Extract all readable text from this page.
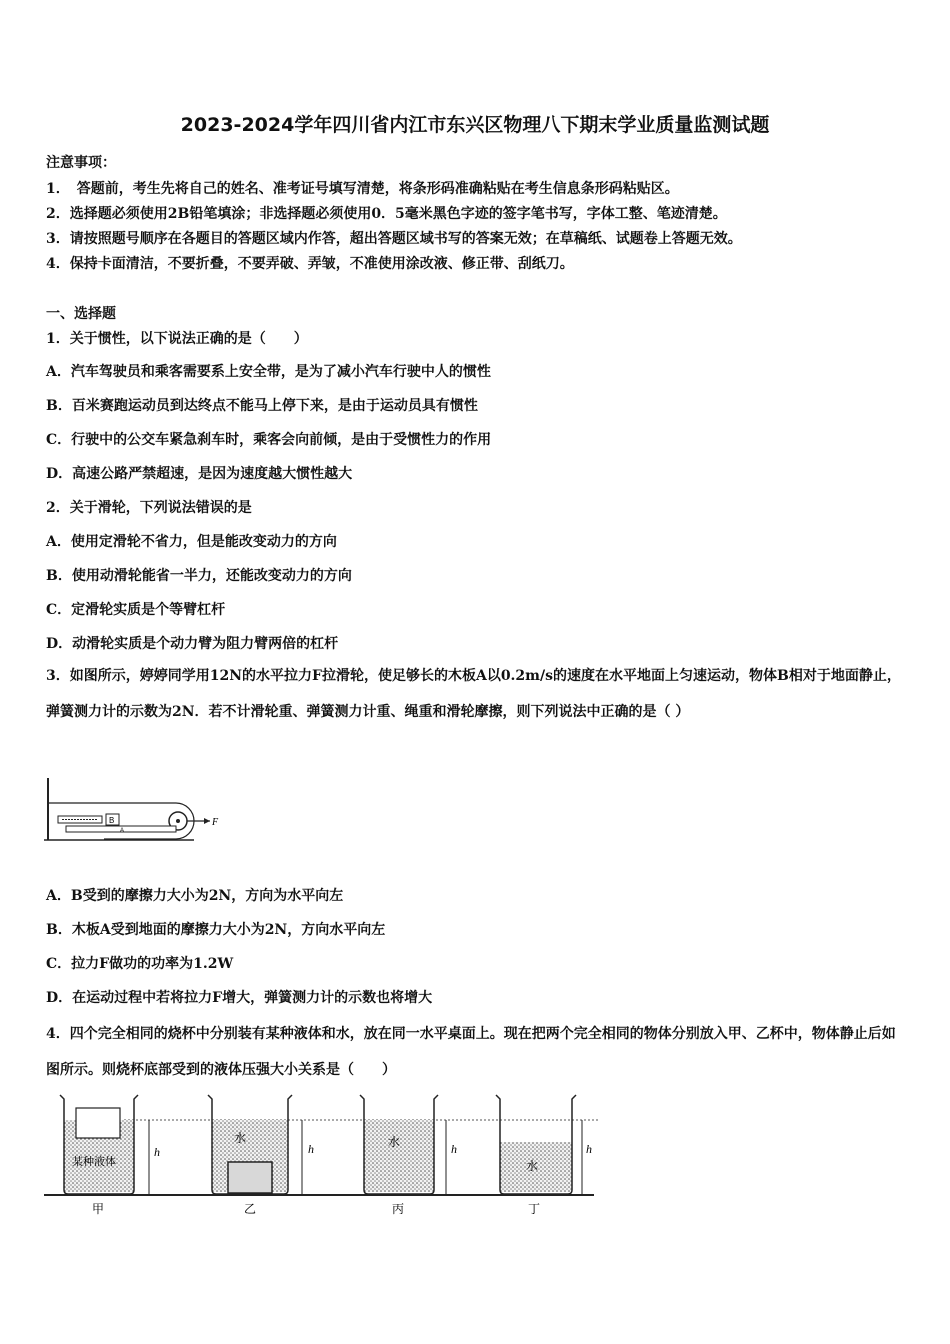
2023-2024学年四川省内江市东兴区物理八下期末学业质量监测试题
注意事项：
1．　答题前，考生先将自己的姓名、准考证号填写清楚，将条形码准确粘贴在考生信息条形码粘贴区。
2．选择题必须使用2B铅笔填涂；非选择题必须使用0．5毫米黑色字迹的签字笔书写，字体工整、笔迹清楚。
3．请按照题号顺序在各题目的答题区域内作答，超出答题区域书写的答案无效；在草稿纸、试题卷上答题无效。
4．保持卡面清洁，不要折叠，不要弄破、弄皱，不准使用涂改液、修正带、刮纸刀。
一、选择题
1．关于惯性，以下说法正确的是（　　）
A．汽车驾驶员和乘客需要系上安全带，是为了减小汽车行驶中人的惯性
B．百米赛跑运动员到达终点不能马上停下来，是由于运动员具有惯性
C．行驶中的公交车紧急刹车时，乘客会向前倾，是由于受惯性力的作用
D．高速公路严禁超速，是因为速度越大惯性越大
2．关于滑轮，下列说法错误的是
A．使用定滑轮不省力，但是能改变动力的方向
B．使用动滑轮能省一半力，还能改变动力的方向
C．定滑轮实质是个等臂杠杆
D．动滑轮实质是个动力臂为阻力臂两倍的杠杆
3．如图所示，婷婷同学用12N的水平拉力F拉滑轮，使足够长的木板A以0.2m/s的速度在水平地面上匀速运动，物体B相对于地面静止，弹簧测力计的示数为2N．若不计滑轮重、弹簧测力计重、绳重和滑轮摩擦，则下列说法中正确的是（ ）
F
B
A
A．B受到的摩擦力大小为2N，方向为水平向左
B．木板A受到地面的摩擦力大小为2N，方向水平向左
C．拉力F做功的功率为1.2W
D．在运动过程中若将拉力F增大，弹簧测力计的示数也将增大
4．四个完全相同的烧杯中分别装有某种液体和水，放在同一水平桌面上。现在把两个完全相同的物体分别放入甲、乙杯中，物体静止后如图所示。则烧杯底部受到的液体压强大小关系是（　　）
某种液体
h
甲
水
h
乙
水	h
丙
水
h
丁
